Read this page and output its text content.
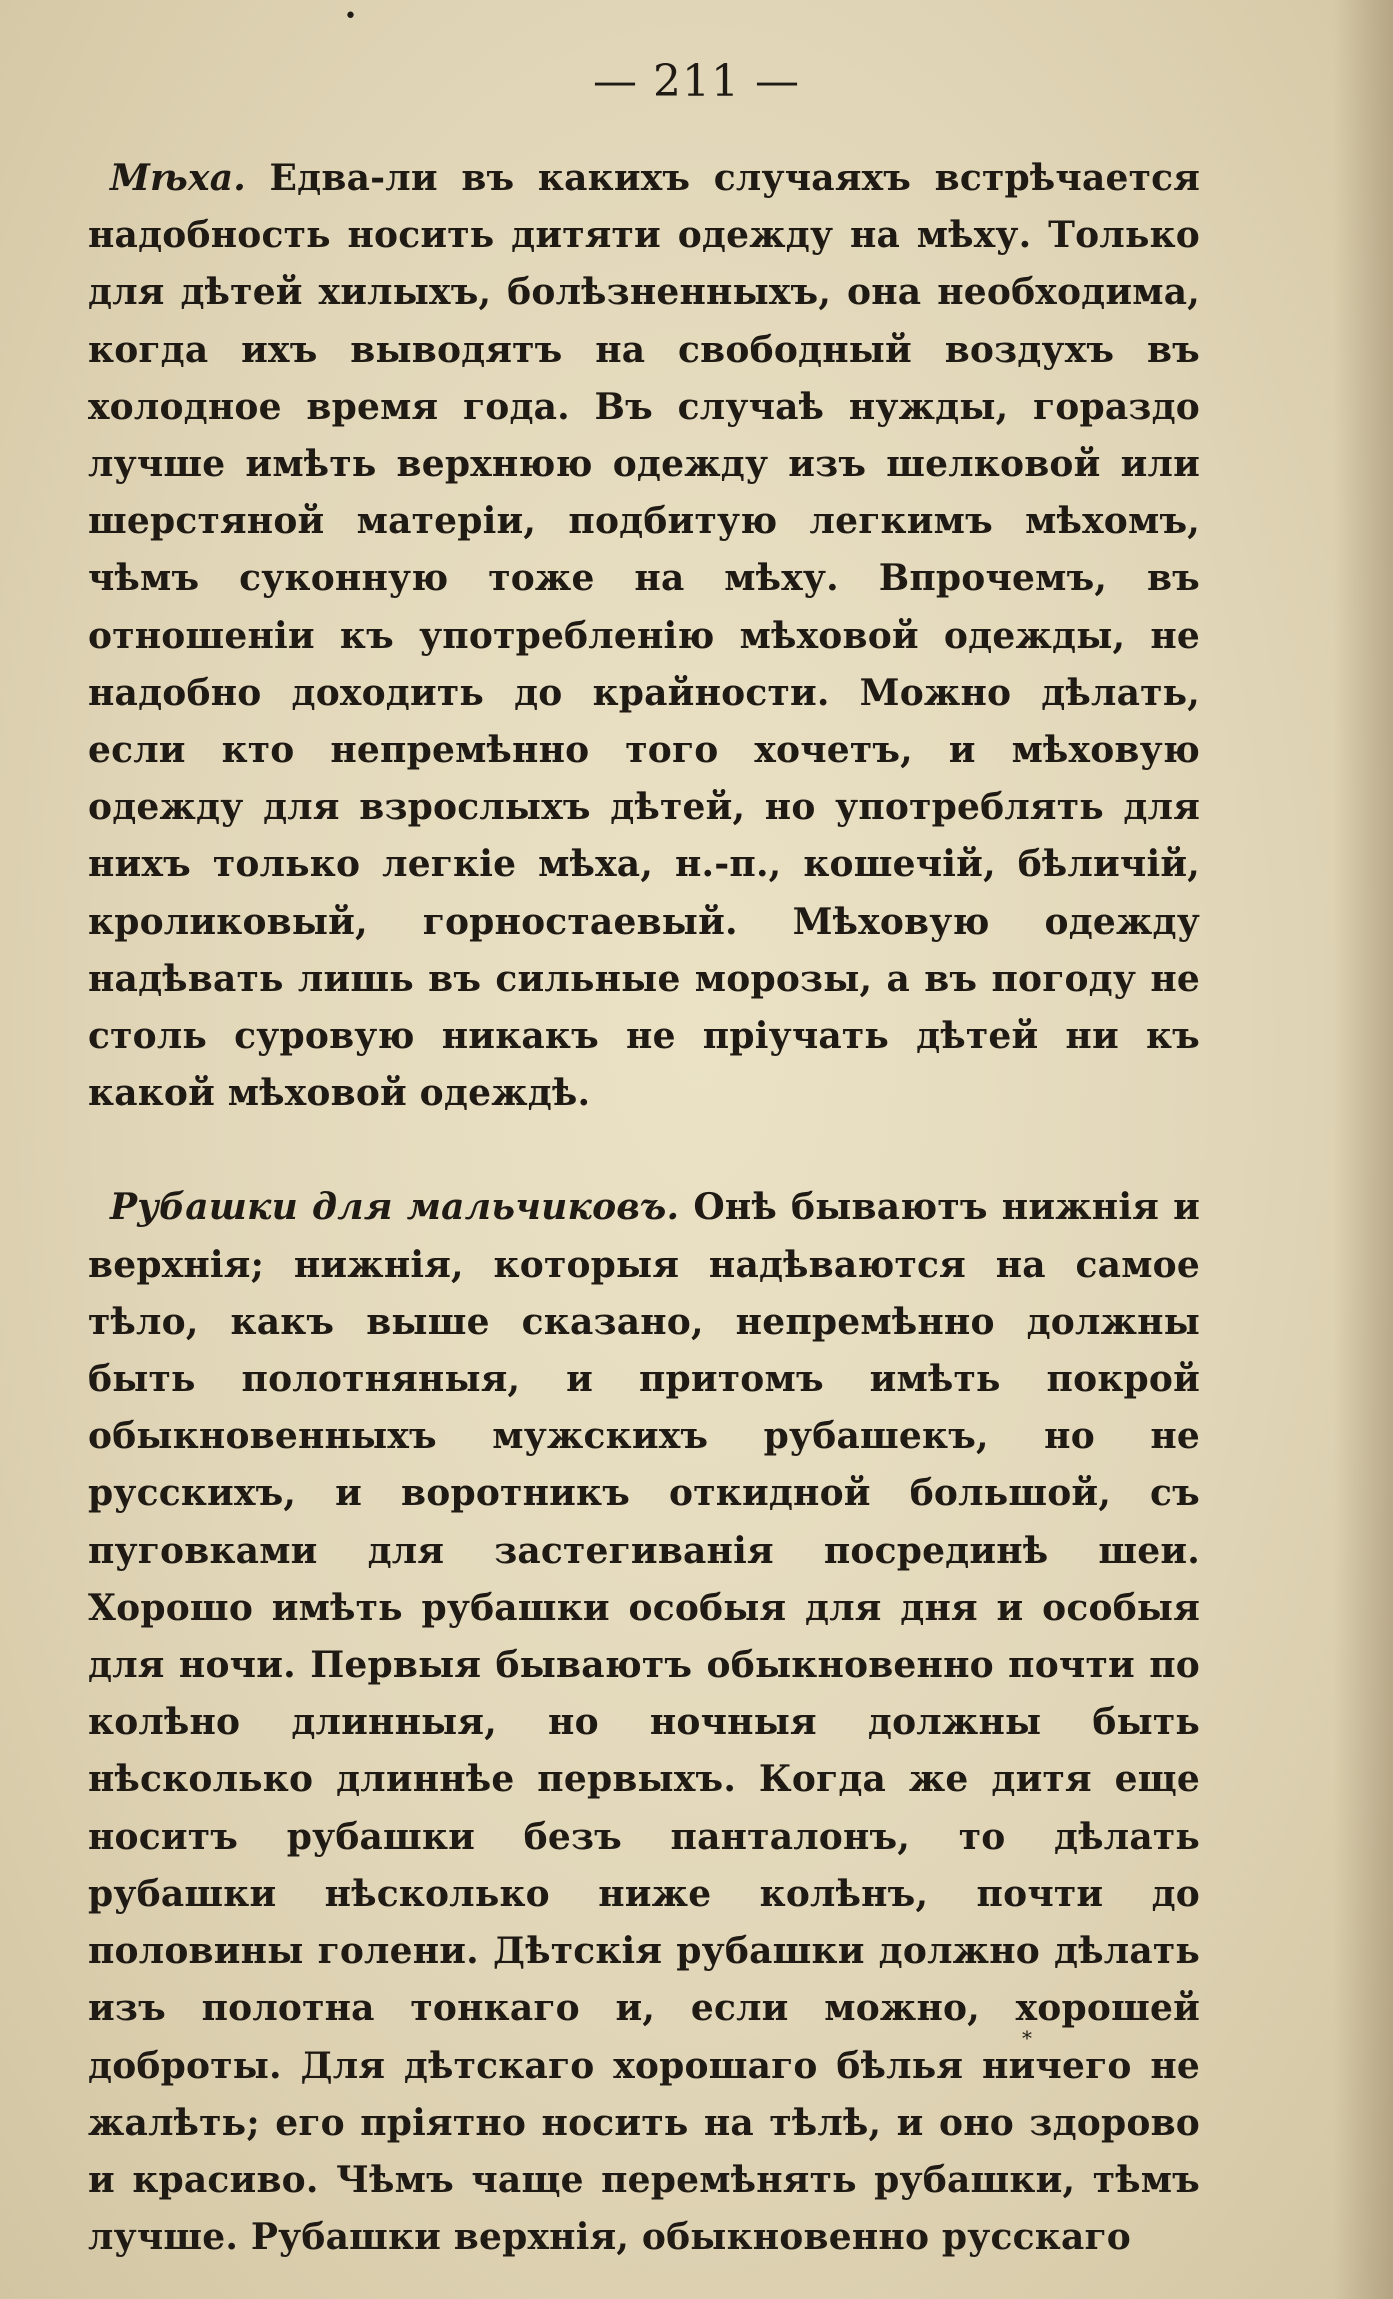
•
— 211 —

Мѣха. Едва-ли въ какихъ случаяхъ встрѣчается надобность носить дитяти одежду на мѣху. Только для дѣтей хилыхъ, болѣзненныхъ, она необходима, когда ихъ выводятъ на свободный воздухъ въ холодное время года. Въ случаѣ нужды, гораздо лучше имѣть верхнюю одежду изъ шелковой или шерстяной матеріи, подбитую легкимъ мѣхомъ, чѣмъ суконную тоже на мѣху. Впрочемъ, въ отношеніи къ употребленію мѣховой одежды, не надобно доходить до крайности. Можно дѣлать, если кто непремѣнно того хочетъ, и мѣховую одежду для взрослыхъ дѣтей, но употреблять для нихъ только легкіе мѣха, н.-п., кошечій, бѣличій, кроликовый, горностаевый. Мѣховую одежду надѣвать лишь въ сильные морозы, а въ погоду не столь суровую никакъ не пріучать дѣтей ни къ какой мѣховой одеждѣ.

Рубашки для мальчиковъ. Онѣ бываютъ нижнія и верхнія; нижнія, которыя надѣваются на самое тѣло, какъ выше сказано, непремѣнно должны быть полотняныя, и притомъ имѣть покрой обыкновенныхъ мужскихъ рубашекъ, но не русскихъ, и воротникъ откидной большой, съ пуговками для застегиванія посрединѣ шеи. Хорошо имѣть рубашки особыя для дня и особыя для ночи. Первыя бываютъ обыкновенно почти по колѣно длинныя, но ночныя должны быть нѣсколько длиннѣе первыхъ. Когда же дитя еще носитъ рубашки безъ панталонъ, то дѣлать рубашки нѣсколько ниже колѣнъ, почти до половины голени. Дѣтскія рубашки должно дѣлать изъ полотна тонкаго и, если можно, хорошей доброты. Для дѣтскаго хорошаго бѣлья ничего не жалѣть; его пріятно носить на тѣлѣ, и оно здорово и красиво. Чѣмъ чаще перемѣнять рубашки, тѣмъ лучше. Рубашки верхнія, обыкновенно русскаго

*
